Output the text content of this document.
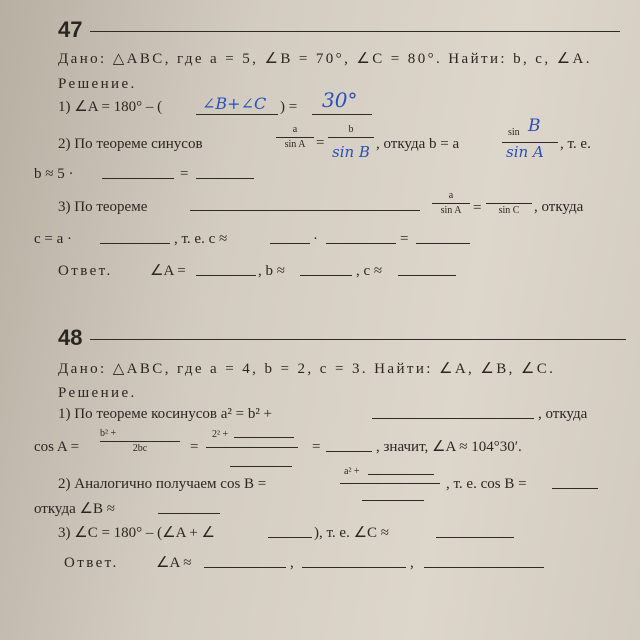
47
Дано: △ABC, где a = 5, ∠B = 70°, ∠C = 80°. Найти: b, c, ∠A.
Решение.
1) ∠A = 180° – ( ∠B+∠C ) = 30°
2) По теореме синусов
a
sin A =
b
sin B , откуда b = a
sin B
sin A , т. е.
b ≈ 5 ·	=
3) По теореме
a
sin A =
	sin C , откуда
c = a ·	, т. е. c ≈	·	=
Ответ. ∠A =	, b ≈	, c ≈
48
Дано: △ABC, где a = 4, b = 2, c = 3. Найти: ∠A, ∠B, ∠C.
Решение.
1) По теореме косинусов a² = b² +	, откуда
cos A =
b² +
2bc	=
2² +
=	, значит, ∠A ≈ 104°30′.
2) Аналогично получаем cos B =
a² +
, т. е. cos B =
откуда ∠B ≈
3) ∠C = 180° – (∠A + ∠	), т. е. ∠C ≈
Ответ. ∠A ≈	,	,
